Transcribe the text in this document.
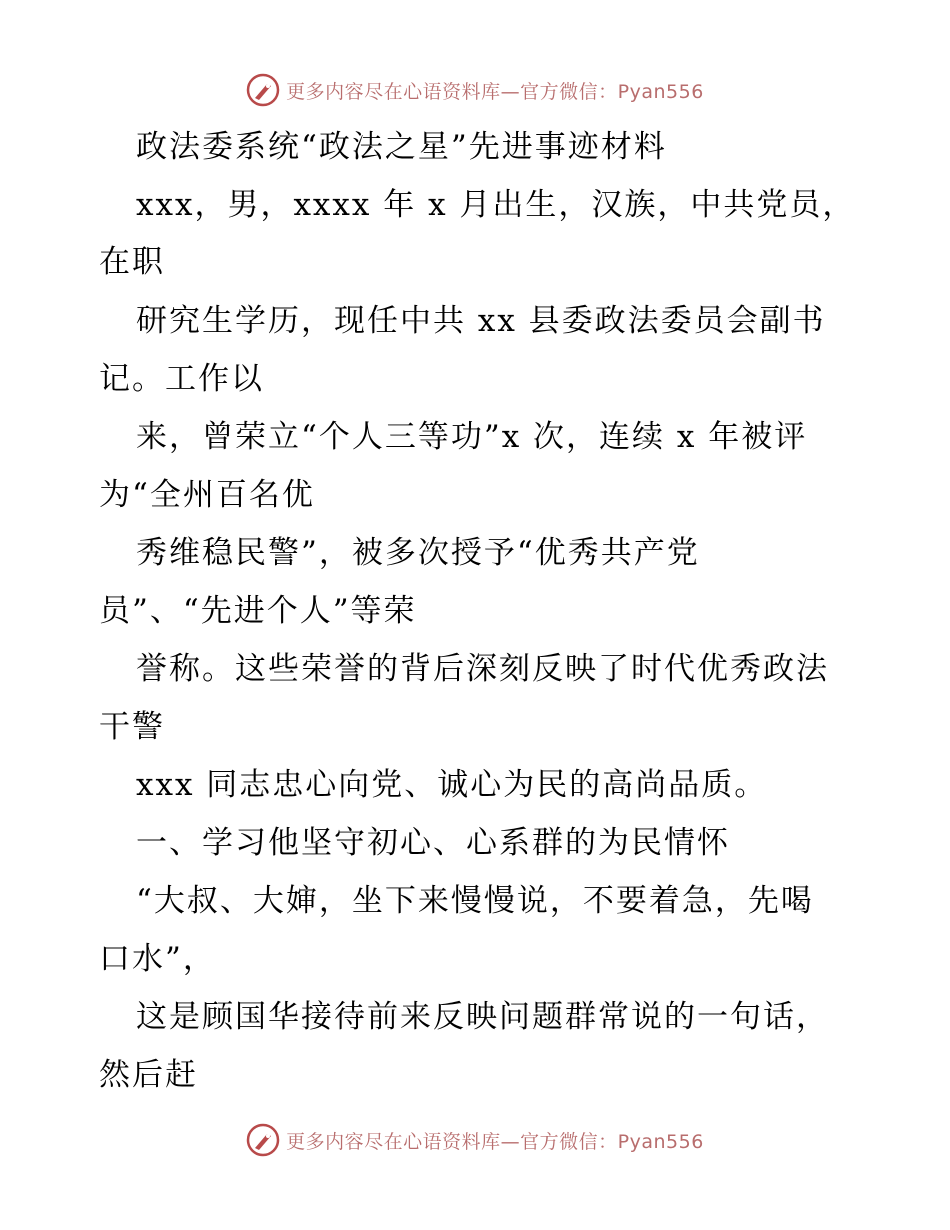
更多内容尽在心语资料库—官方微信：Pyan556
政法委系统“政法之星”先进事迹材料
xxx，男，xxxx 年 x 月出生，汉族，中共党员，
在职
研究生学历，现任中共 xx 县委政法委员会副书
记。工作以
来，曾荣立“个人三等功”x 次，连续 x 年被评
为“全州百名优
秀维稳民警”，被多次授予“优秀共产党
员”、“先进个人”等荣
誉称。这些荣誉的背后深刻反映了时代优秀政法
干警
xxx 同志忠心向党、诚心为民的高尚品质。
一、学习他坚守初心、心系群的为民情怀
“大叔、大婶，坐下来慢慢说，不要着急，先喝
口水”，
这是顾国华接待前来反映问题群常说的一句话，
然后赶
更多内容尽在心语资料库—官方微信：Pyan556
